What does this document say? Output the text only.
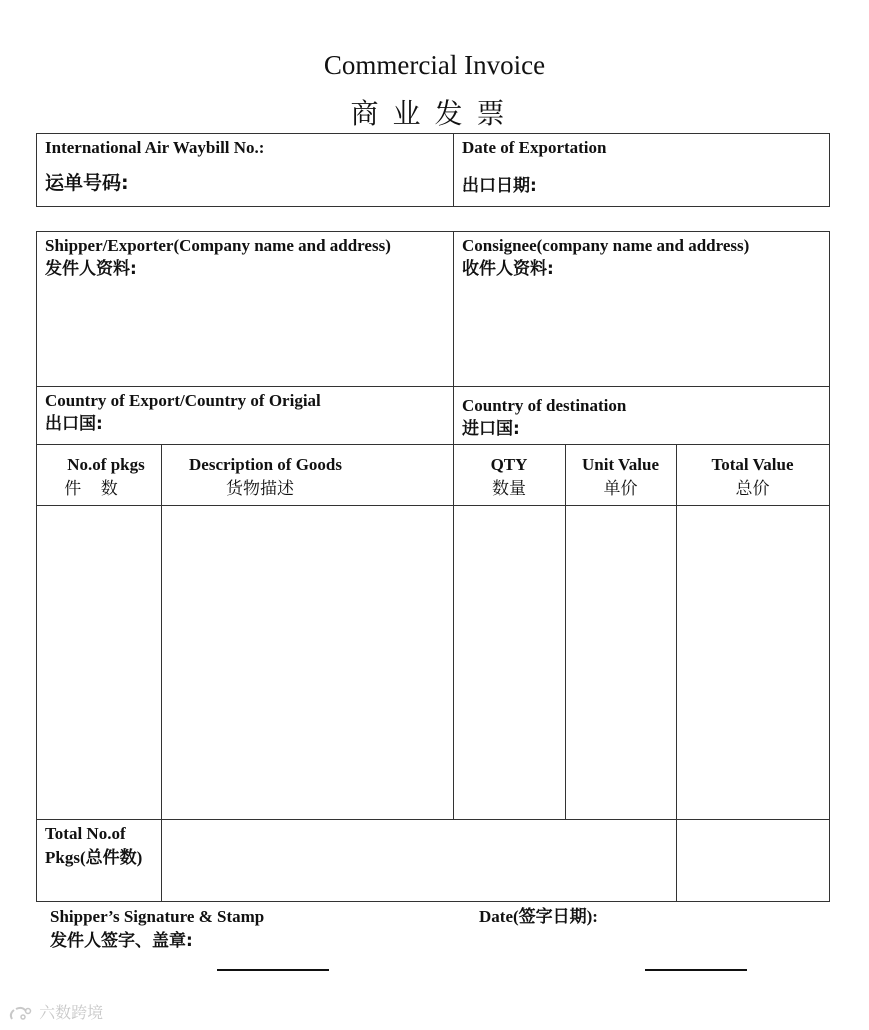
Commercial Invoice
商业发票
International Air Waybill No.:
运单号码:
Date of Exportation
出口日期:
Shipper/Exporter(Company name and address)
发件人资料:
Consignee(company name and address)
收件人资料:
Country of Export/Country of Origial
出口国:
Country of destination
进口国:
No.of pkgs
件 数
Description of Goods
货物描述
QTY
数量
Unit Value
单价
Total Value
总价
Total No.of
Pkgs(总件数)
Shipper’s Signature & Stamp
发件人签字、盖章:
Date(签字日期):
六数跨境
